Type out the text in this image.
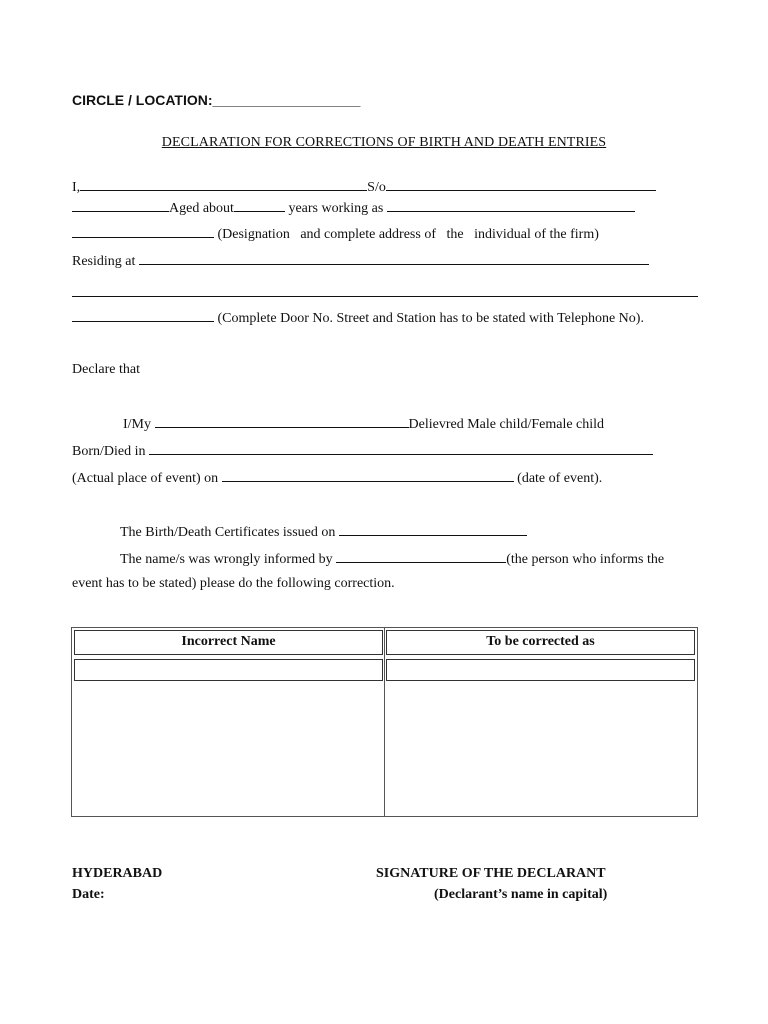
CIRCLE / LOCATION:___________________
DECLARATION FOR CORRECTIONS OF BIRTH AND DEATH ENTRIES
I,	S/o
Aged about	years working as
(Designation   and complete address of   the   individual of the firm)
Residing at
(Complete Door No. Street and Station has to be stated with Telephone No).
Declare that
I/My	Delievred Male child/Female child
Born/Died in
(Actual place of event) on	(date of event).
The Birth/Death Certificates issued on
The name/s was wrongly informed by	(the person who informs the
event has to be stated) please do the following correction.
Incorrect Name	To be corrected as
HYDERABAD
Date:
SIGNATURE OF THE DECLARANT
(Declarant’s name in capital)
